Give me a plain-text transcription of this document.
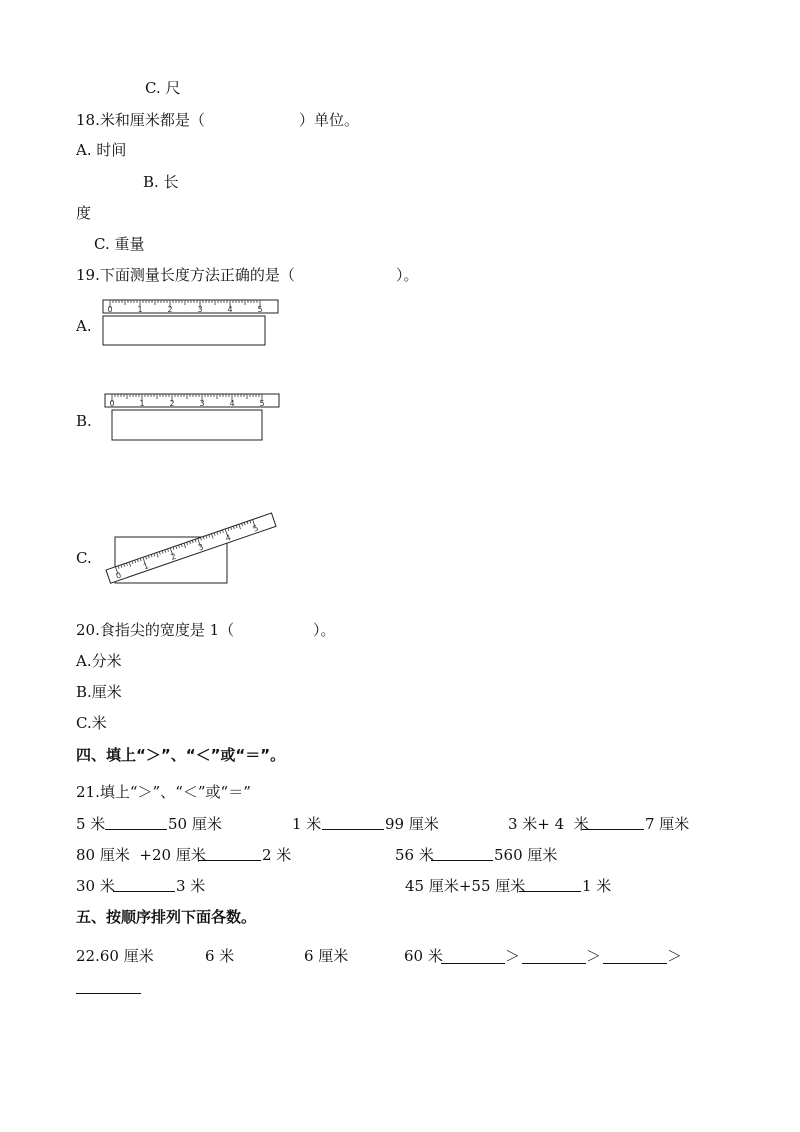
C. 尺
18.米和厘米都是（	）单位。
A. 时间
B. 长
度
C. 重量
19.下面测量长度方法正确的是（	）。
A.
0	1	2	3	4	5
B.
0	1	2	3	4	5
C.
0
1
2
3
4
5
20.食指尖的宽度是 1（	）。
A.分米
B.厘米
C.米
四、填上“＞”、“＜”或“＝”。
21.填上“＞”、“＜”或“＝”
5 米	50 厘米	1 米	99 厘米	3 米+ 4  米	7 厘米
80 厘米  +20 厘米	2 米	56 米	560 厘米
30 米	3 米	45 厘米+55 厘米	1 米
五、按顺序排列下面各数。
22.60 厘米	6 米	6 厘米	60 米	＞	＞	＞
